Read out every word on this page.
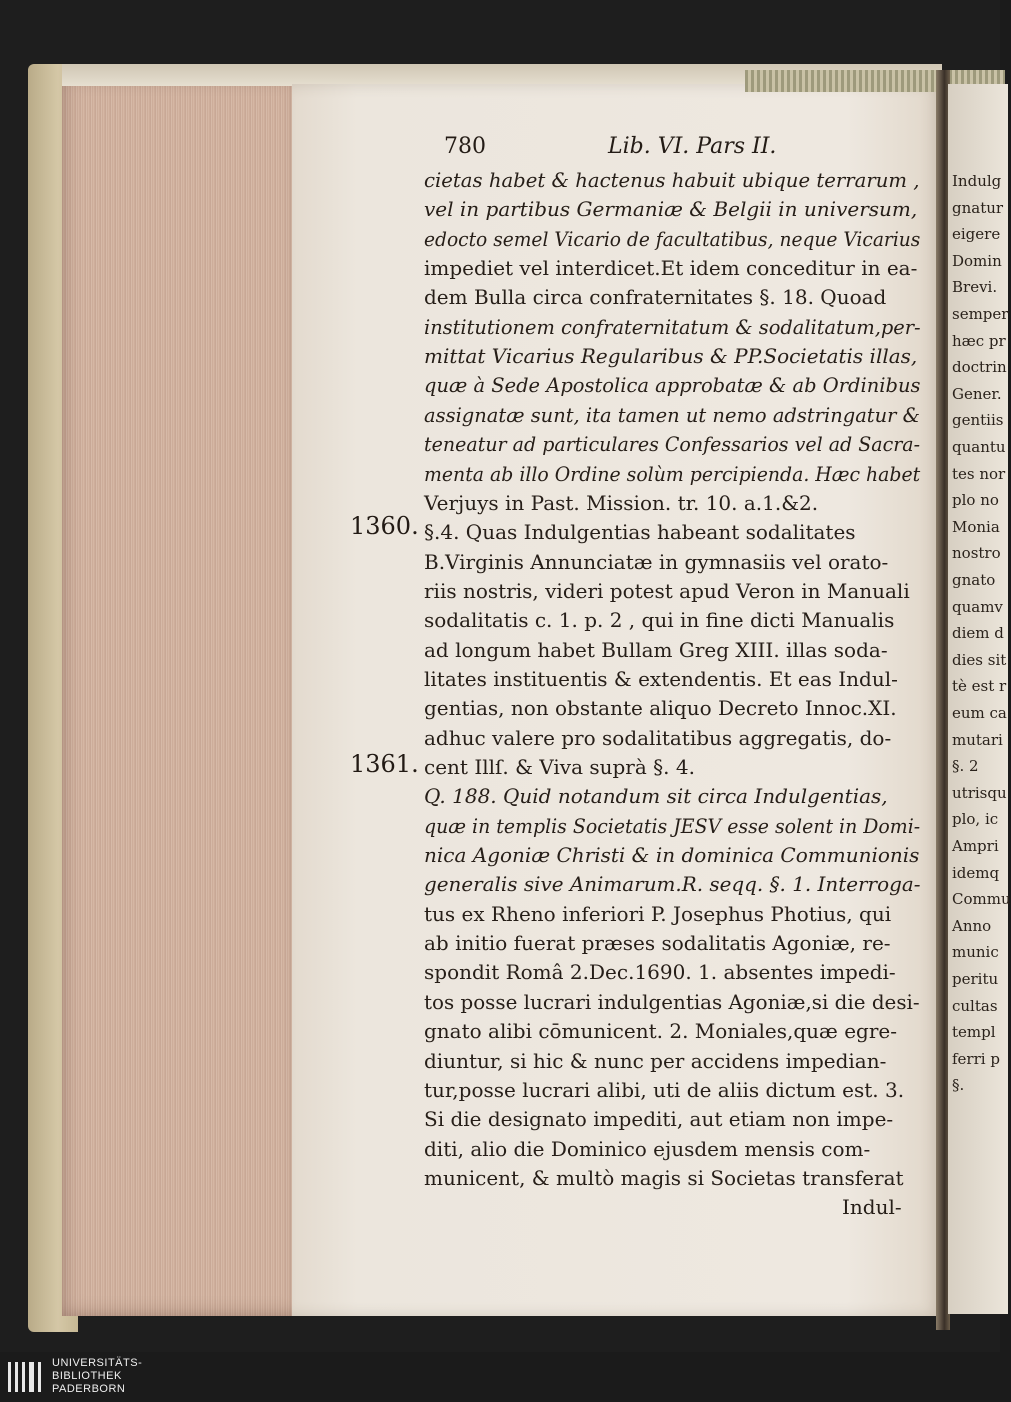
780	Lib. VI. Pars II.
1360.
1361.
cietas habet & hactenus habuit ubique terrarum ,
vel in partibus Germaniæ & Belgii in universum,
edocto semel Vicario de facultatibus, neque Vicarius
impediet vel interdicet.Et idem conceditur in ea-
dem Bulla circa confraternitates §. 18. Quoad
institutionem confraternitatum & sodalitatum,per-
mittat Vicarius Regularibus & PP.Societatis illas,
quæ à Sede Apostolica approbatæ & ab Ordinibus
assignatæ sunt, ita tamen ut nemo adstringatur &
teneatur ad particulares Confessarios vel ad Sacra-
menta ab illo Ordine solùm percipienda. Hæc habet
Verjuys in Past. Mission. tr. 10. a.1.&2.
§.4. Quas Indulgentias habeant sodalitates
B.Virginis Annunciatæ in gymnasiis vel orato-
riis nostris, videri potest apud Veron in Manuali
sodalitatis c. 1. p. 2 , qui in fine dicti Manualis
ad longum habet Bullam Greg XIII. illas soda-
litates instituentis & extendentis. Et eas Indul-
gentias, non obstante aliquo Decreto Innoc.XI.
adhuc valere pro sodalitatibus aggregatis, do-
cent Illſ. & Viva suprà §. 4.
Q. 188. Quid notandum sit circa Indulgentias,
quæ in templis Societatis JESV esse solent in Domi-
nica Agoniæ Christi & in dominica Communionis
generalis sive Animarum.R. seqq. §. 1. Interroga-
tus ex Rheno inferiori P. Josephus Photius, qui
ab initio fuerat præses sodalitatis Agoniæ, re-
spondit Româ 2.Dec.1690. 1. absentes impedi-
tos posse lucrari indulgentias Agoniæ,si die desi-
gnato alibi cōmunicent. 2. Moniales,quæ egre-
diuntur, si hic & nunc per accidens impedian-
tur,posse lucrari alibi, uti de aliis dictum est. 3.
Si die designato impediti, aut etiam non impe-
diti, alio die Dominico ejusdem mensis com-
municent, & multò magis si Societas transferat
Indul-
Indulg
gnatur
eigere
Domin
Brevi.
semper
hæc pr
doctrin
Gener.
gentiis
quantu
tes nor
plo no
Monia
nostro
gnato
quamv
diem d
dies sit
tè est r
eum ca
mutari
§. 2
utrisqu
plo, ic
Ampri
idemq
Commu
Anno
munic
peritu
cultas
templ
ferri p
§.
UNIVERSITÄTS-
BIBLIOTHEK
PADERBORN
